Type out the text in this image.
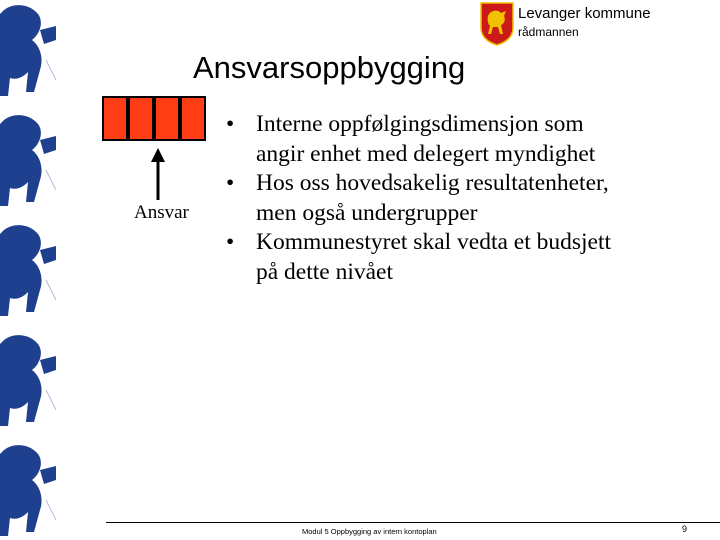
Levanger kommune
rådmannen
Ansvarsoppbygging
Ansvar
• Interne oppfølgingsdimensjon som
angir enhet med delegert myndighet
• Hos oss hovedsakelig resultatenheter,
men også undergrupper
• Kommunestyret skal vedta et budsjett
på dette nivået
Modul 5 Oppbygging av intern kontoplan	9
